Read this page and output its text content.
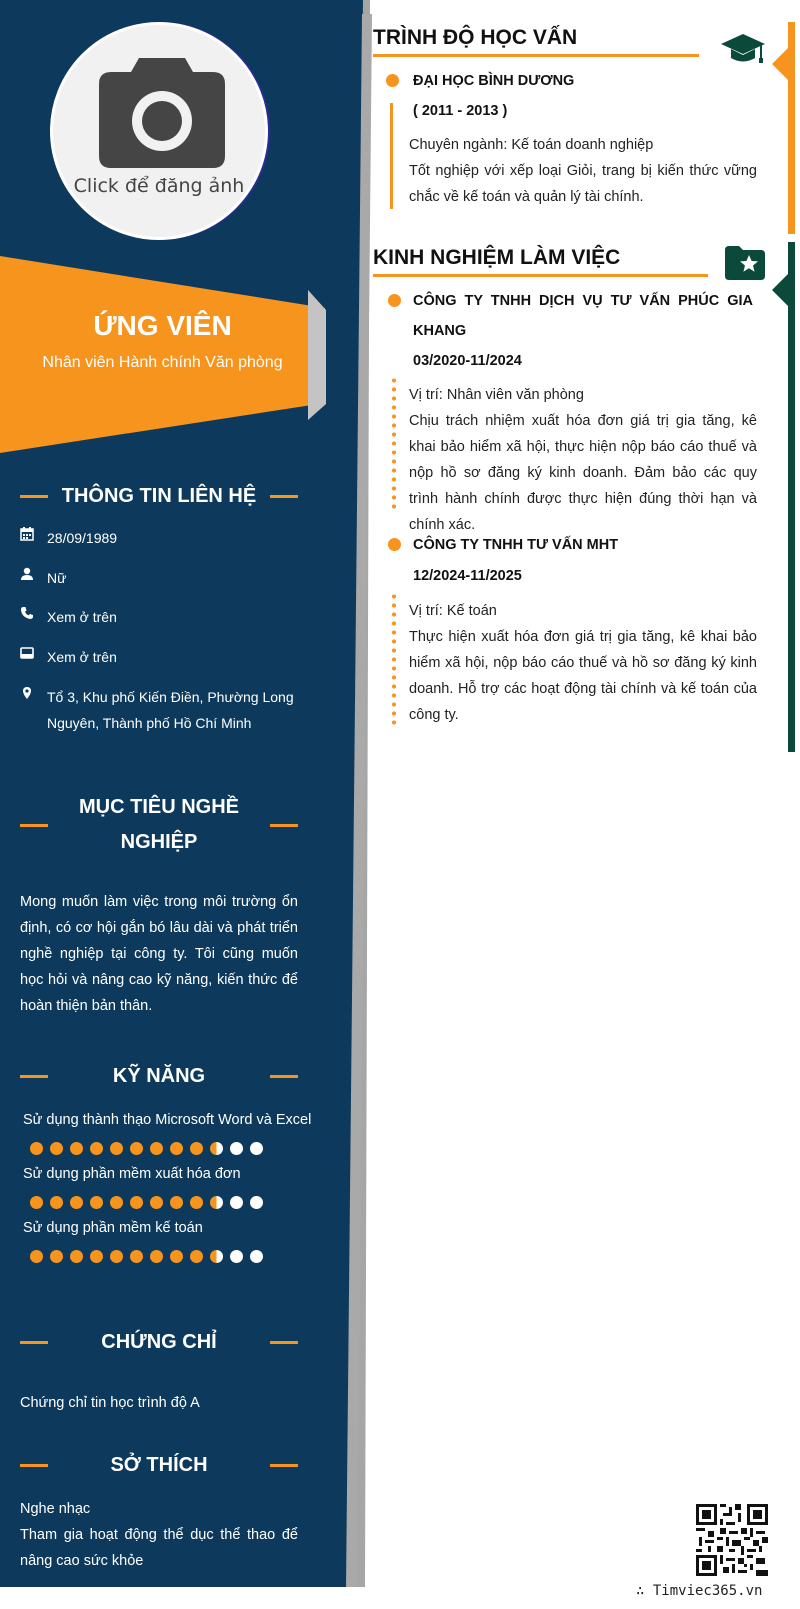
Click để đăng ảnh
ỨNG VIÊN
Nhân viên Hành chính Văn phòng
THÔNG TIN LIÊN HỆ
28/09/1989
Nữ
Xem ở trên
Xem ở trên
Tổ 3, Khu phố Kiến Điền, Phường Long Nguyên, Thành phố Hồ Chí Minh
MỤC TIÊU NGHỀ
NGHIỆP
Mong muốn làm việc trong môi trường ổn định, có cơ hội gắn bó lâu dài và phát triển nghề nghiệp tại công ty. Tôi cũng muốn học hỏi và nâng cao kỹ năng, kiến thức để hoàn thiện bản thân.
KỸ NĂNG
Sử dụng thành thạo Microsoft Word và Excel
Sử dụng phần mềm xuất hóa đơn
Sử dụng phần mềm kế toán
CHỨNG CHỈ
Chứng chỉ tin học trình độ A
SỞ THÍCH
Nghe nhạc
Tham gia hoạt động thể dục thể thao để nâng cao sức khỏe
TRÌNH ĐỘ HỌC VẤN
ĐẠI HỌC BÌNH DƯƠNG
( 2011 - 2013 )
Chuyên ngành: Kế toán doanh nghiệp
Tốt nghiệp với xếp loại Giỏi, trang bị kiến thức vững chắc về kế toán và quản lý tài chính.
KINH NGHIỆM LÀM VIỆC
CÔNG TY TNHH DỊCH VỤ TƯ VẤN PHÚC GIA KHANG
03/2020-11/2024
Vị trí: Nhân viên văn phòng
Chịu trách nhiệm xuất hóa đơn giá trị gia tăng, kê khai bảo hiểm xã hội, thực hiện nộp báo cáo thuế và nộp hồ sơ đăng ký kinh doanh. Đảm bảo các quy trình hành chính được thực hiện đúng thời hạn và chính xác.
CÔNG TY TNHH TƯ VẤN MHT
12/2024-11/2025
Vị trí: Kế toán
Thực hiện xuất hóa đơn giá trị gia tăng, kê khai bảo hiểm xã hội, nộp báo cáo thuế và hồ sơ đăng ký kinh doanh. Hỗ trợ các hoạt động tài chính và kế toán của công ty.
∴ Timviec365.vn
